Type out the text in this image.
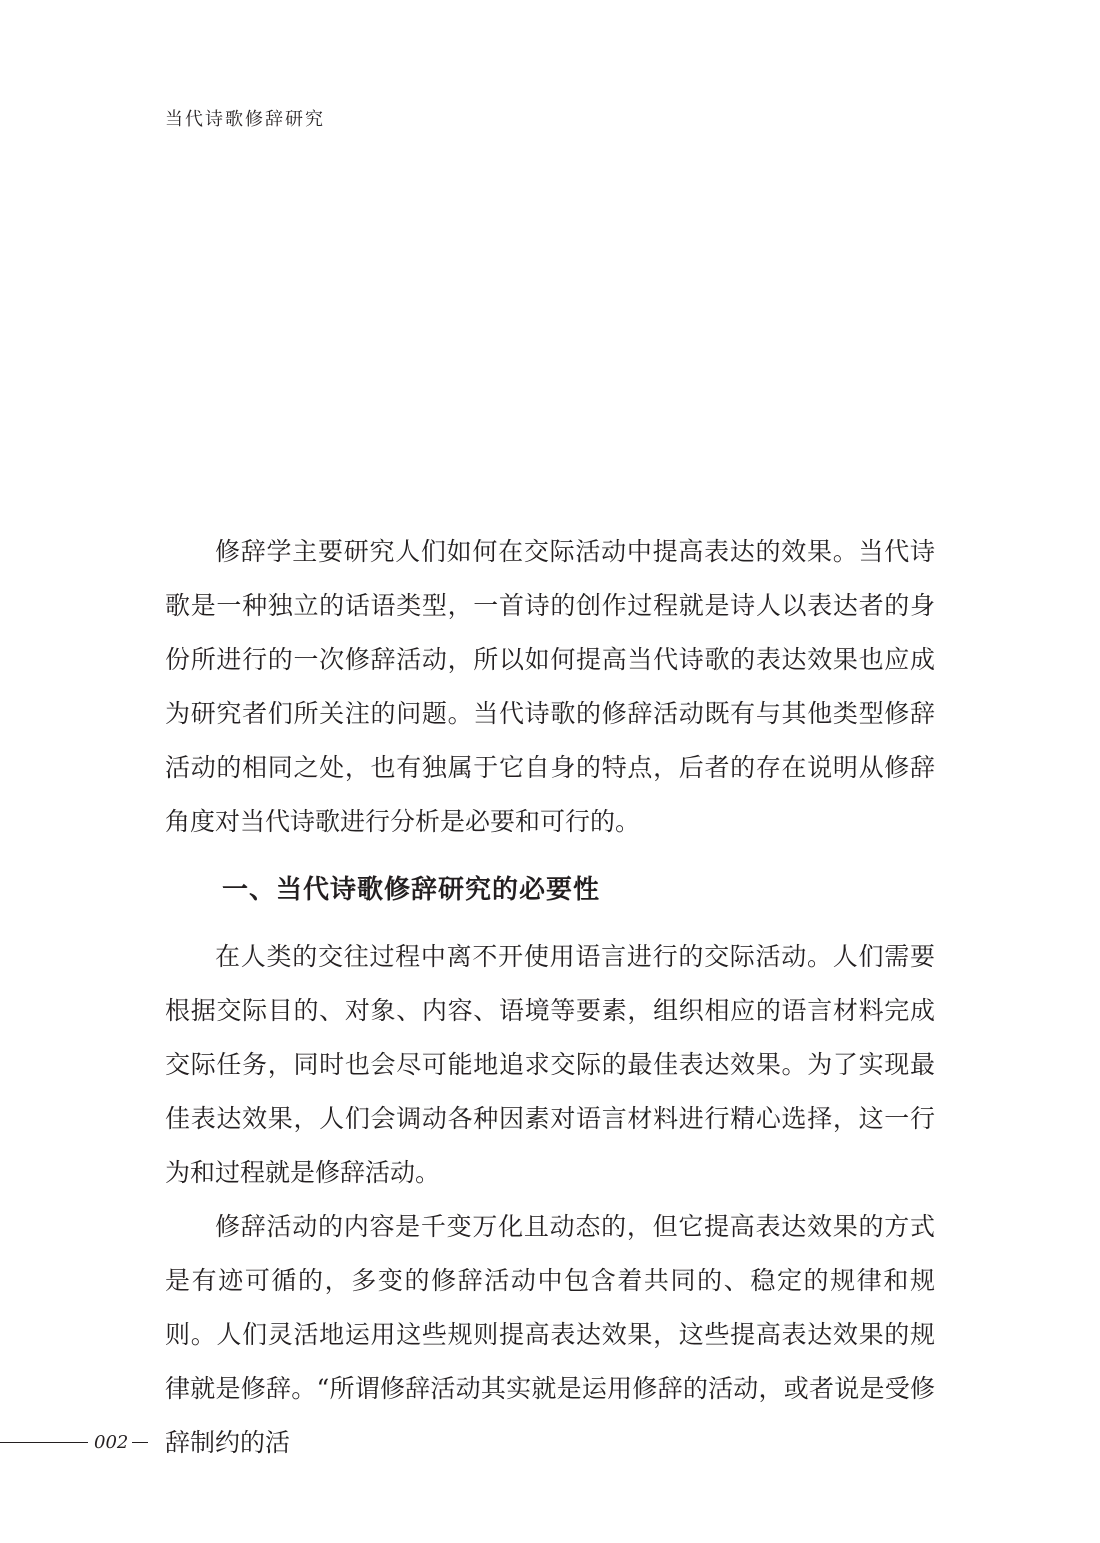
当代诗歌修辞研究

修辞学主要研究人们如何在交际活动中提高表达的效果。当代诗歌是一种独立的话语类型，一首诗的创作过程就是诗人以表达者的身份所进行的一次修辞活动，所以如何提高当代诗歌的表达效果也应成为研究者们所关注的问题。当代诗歌的修辞活动既有与其他类型修辞活动的相同之处，也有独属于它自身的特点，后者的存在说明从修辞角度对当代诗歌进行分析是必要和可行的。

一、当代诗歌修辞研究的必要性

在人类的交往过程中离不开使用语言进行的交际活动。人们需要根据交际目的、对象、内容、语境等要素，组织相应的语言材料完成交际任务，同时也会尽可能地追求交际的最佳表达效果。为了实现最佳表达效果，人们会调动各种因素对语言材料进行精心选择，这一行为和过程就是修辞活动。

修辞活动的内容是千变万化且动态的，但它提高表达效果的方式是有迹可循的，多变的修辞活动中包含着共同的、稳定的规律和规则。人们灵活地运用这些规则提高表达效果，这些提高表达效果的规律就是修辞。“所谓修辞活动其实就是运用修辞的活动，或者说是受修辞制约的活

002
